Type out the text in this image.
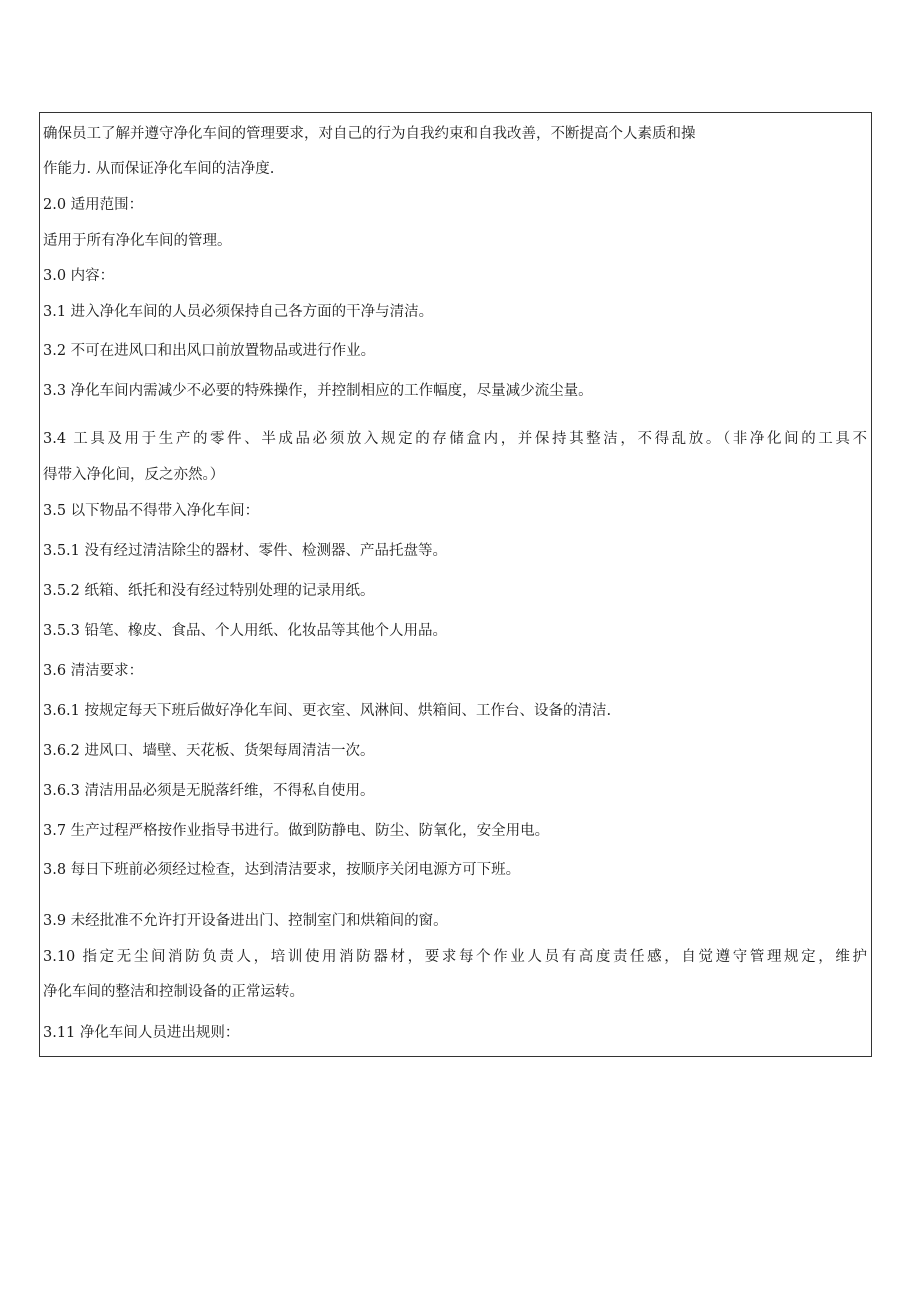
确保员工了解并遵守净化车间的管理要求，对自己的行为自我约束和自我改善，不断提高个人素质和操
作能力. 从而保证净化车间的洁净度.
2.0 适用范围：
适用于所有净化车间的管理。
3.0 内容：
3.1 进入净化车间的人员必须保持自己各方面的干净与清洁。
3.2 不可在进风口和出风口前放置物品或进行作业。
3.3 净化车间内需减少不必要的特殊操作，并控制相应的工作幅度，尽量减少流尘量。
3.4 工具及用于生产的零件、半成品必须放入规定的存储盒内，并保持其整洁，不得乱放。（非净化间的工具不
得带入净化间，反之亦然。）
3.5 以下物品不得带入净化车间：
3.5.1 没有经过清洁除尘的器材、零件、检测器、产品托盘等。
3.5.2 纸箱、纸托和没有经过特别处理的记录用纸。
3.5.3 铅笔、橡皮、食品、个人用纸、化妆品等其他个人用品。
3.6 清洁要求：
3.6.1 按规定每天下班后做好净化车间、更衣室、风淋间、烘箱间、工作台、设备的清洁.
3.6.2 进风口、墙壁、天花板、货架每周清洁一次。
3.6.3 清洁用品必须是无脱落纤维，不得私自使用。
3.7 生产过程严格按作业指导书进行。做到防静电、防尘、防氧化，安全用电。
3.8 每日下班前必须经过检查，达到清洁要求，按顺序关闭电源方可下班。
3.9 未经批准不允许打开设备进出门、控制室门和烘箱间的窗。
3.10 指定无尘间消防负责人，培训使用消防器材，要求每个作业人员有高度责任感，自觉遵守管理规定，维护
净化车间的整洁和控制设备的正常运转。
3.11 净化车间人员进出规则：
